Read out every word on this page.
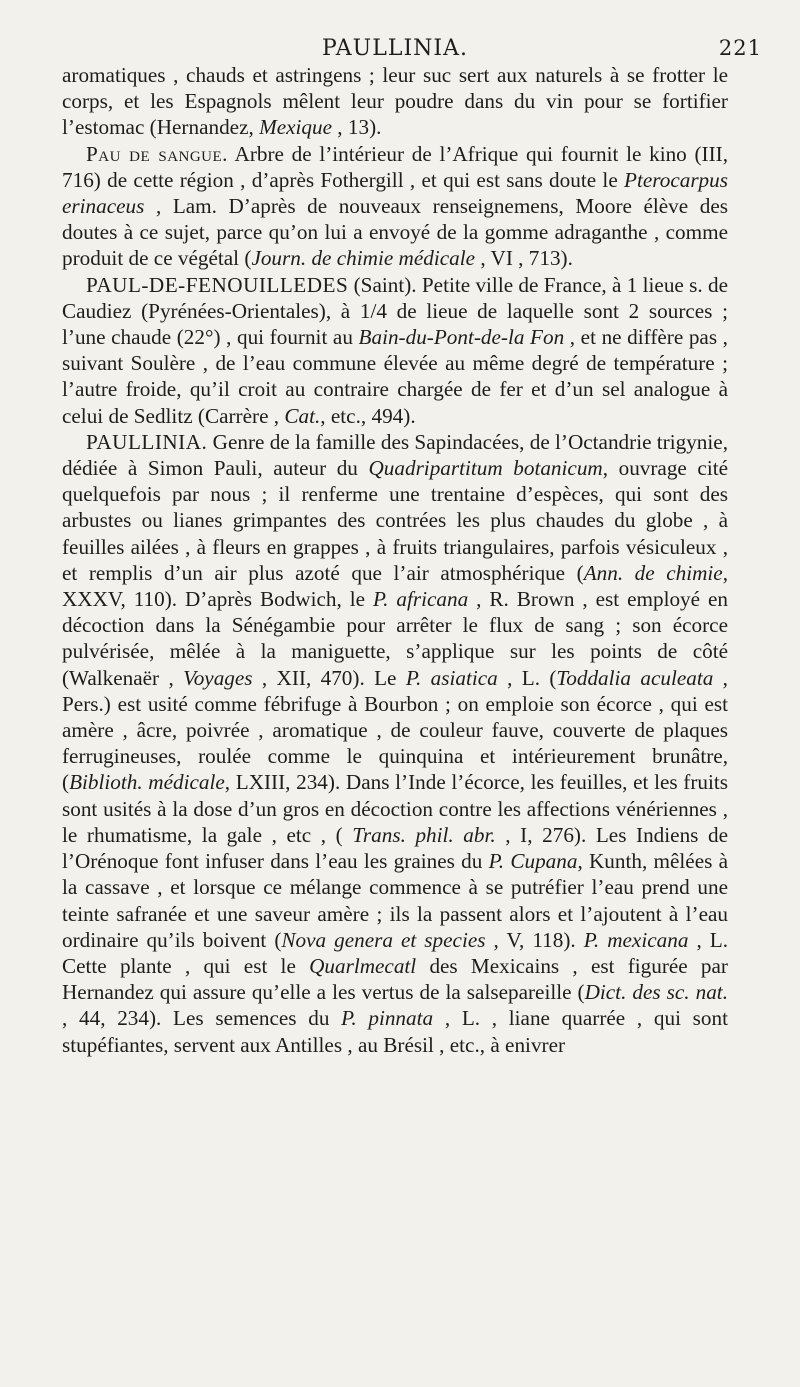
PAULLINIA.	221

aromatiques , chauds et astringens ; leur suc sert aux naturels à se frotter le corps, et les Espagnols mêlent leur poudre dans du vin pour se fortifier l’estomac (Hernandez, Mexique , 13).

Pau de sangue. Arbre de l’intérieur de l’Afrique qui fournit le kino (III, 716) de cette région , d’après Fothergill , et qui est sans doute le Pterocarpus erinaceus , Lam. D’après de nouveaux renseignemens, Moore élève des doutes à ce sujet, parce qu’on lui a envoyé de la gomme adraganthe , comme produit de ce végétal (Journ. de chimie médicale , VI , 713).

PAUL-DE-FENOUILLEDES (Saint). Petite ville de France, à 1 lieue s. de Caudiez (Pyrénées-Orientales), à 1/4 de lieue de laquelle sont 2 sources ; l’une chaude (22°) , qui fournit au Bain-du-Pont-de-la Fon , et ne diffère pas , suivant Soulère , de l’eau commune élevée au même degré de température ; l’autre froide, qu’il croit au contraire chargée de fer et d’un sel analogue à celui de Sedlitz (Carrère , Cat., etc., 494).

PAULLINIA. Genre de la famille des Sapindacées, de l’Octandrie trigynie, dédiée à Simon Pauli, auteur du Quadripartitum botanicum, ouvrage cité quelquefois par nous ; il renferme une trentaine d’espèces, qui sont des arbustes ou lianes grimpantes des contrées les plus chaudes du globe , à feuilles ailées , à fleurs en grappes , à fruits triangulaires, parfois vésiculeux , et remplis d’un air plus azoté que l’air atmosphérique (Ann. de chimie, XXXV, 110). D’après Bodwich, le P. africana , R. Brown , est employé en décoction dans la Sénégambie pour arrêter le flux de sang ; son écorce pulvérisée, mêlée à la maniguette, s’applique sur les points de côté (Walkenaër , Voyages , XII, 470). Le P. asiatica , L. (Toddalia aculeata , Pers.) est usité comme fébrifuge à Bourbon ; on emploie son écorce , qui est amère , âcre, poivrée , aromatique , de couleur fauve, couverte de plaques ferrugineuses, roulée comme le quinquina et intérieurement brunâtre, (Biblioth. médicale, LXIII, 234). Dans l’Inde l’écorce, les feuilles, et les fruits sont usités à la dose d’un gros en décoction contre les affections vénériennes , le rhumatisme, la gale , etc , ( Trans. phil. abr. , I, 276). Les Indiens de l’Orénoque font infuser dans l’eau les graines du P. Cupana, Kunth, mêlées à la cassave , et lorsque ce mélange commence à se putréfier l’eau prend une teinte safranée et une saveur amère ; ils la passent alors et l’ajoutent à l’eau ordinaire qu’ils boivent (Nova genera et species , V, 118). P. mexicana , L. Cette plante , qui est le Quarlmecatl des Mexicains , est figurée par Hernandez qui assure qu’elle a les vertus de la salsepareille (Dict. des sc. nat. , 44, 234). Les semences du P. pinnata , L. , liane quarrée , qui sont stupéfiantes, servent aux Antilles , au Brésil , etc., à enivrer
